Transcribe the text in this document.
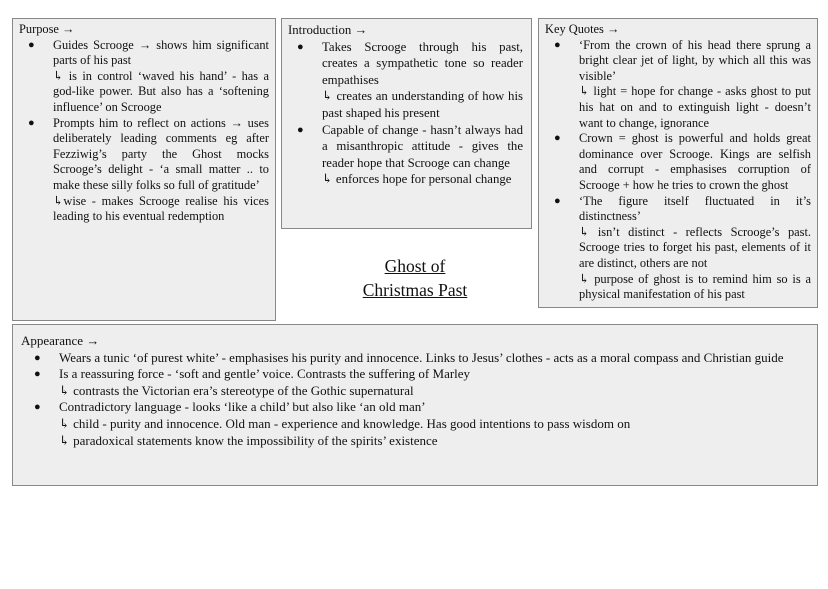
Purpose →
● Guides Scrooge → shows him significant parts of his past
↳ is in control ‘waved his hand’ - has a god-like power. But also has a ‘softening influence’ on Scrooge
● Prompts him to reflect on actions → uses deliberately leading comments eg after Fezziwig’s party the Ghost mocks Scrooge’s delight - ‘a small matter .. to make these silly folks so full of gratitude’
↳wise - makes Scrooge realise his vices leading to his eventual redemption
Introduction →
● Takes Scrooge through his past, creates a sympathetic tone so reader empathises
↳ creates an understanding of how his past shaped his present
● Capable of change - hasn’t always had a misanthropic attitude - gives the reader hope that Scrooge can change
↳ enforces hope for personal change
Ghost of
Christmas Past
Key Quotes →
● ‘From the crown of his head there sprung a bright clear jet of light, by which all this was visible’
↳ light = hope for change - asks ghost to put his hat on and to extinguish light - doesn’t want to change, ignorance
● Crown = ghost is powerful and holds great dominance over Scrooge. Kings are selfish and corrupt - emphasises corruption of Scrooge + how he tries to crown the ghost
● ‘The figure itself fluctuated in it’s distinctness’
↳ isn’t distinct - reflects Scrooge’s past. Scrooge tries to forget his past, elements of it are distinct, others are not
↳ purpose of ghost is to remind him so is a physical manifestation of his past
Appearance →
● Wears a tunic ‘of purest white’ - emphasises his purity and innocence. Links to Jesus’ clothes - acts as a moral compass and Christian guide
● Is a reassuring force - ‘soft and gentle’ voice. Contrasts the suffering of Marley
↳ contrasts the Victorian era’s stereotype of the Gothic supernatural
● Contradictory language - looks ‘like a child’ but also like ‘an old man’
↳ child - purity and innocence. Old man - experience and knowledge. Has good intentions to pass wisdom on
↳ paradoxical statements know the impossibility of the spirits’ existence
